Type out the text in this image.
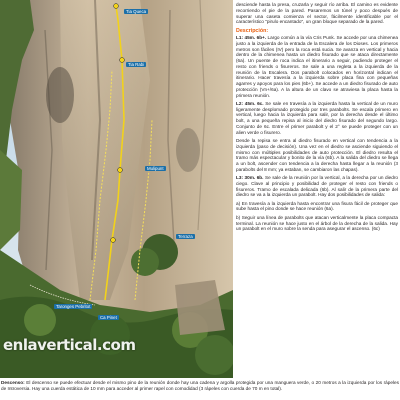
Tia Queca
Tia Rabi
Mulipunt
Terraza
Taronges Pebritot
Ca Pinet
enlavertical.com

desciende hasta la presa, cruzarla y seguir río arriba. El camino es evidente recorriendo el pie de la pared. Pasaremos un túnel y poco después de superar una caseta comienza el sector, fácilmente identificable por el característico "pirulo encantado", un gran bloque separado de la pared.

Descripción:

L1: 45m. 6b+. Largo común a la vía Cris Punk. Se accede por una chimenea justo a la izquierda de la entrada de la Escalera de los Dioses. Los primeros metros son fáciles (IV) pero la roca está sucia. Se avanza en vertical y hacia dentro de la chimenea hasta un diedro fisurado que se ataca directamente (6a). Un puente de roca indica el itinerario a seguir, pudiendo proteger el resto con friends o fisureros. Se sale a una regleta a la izquierda de la reunión de la Escalera. Dos parabolt colocados en horizontal indican el itinerario. Hacer travesía a la izquierda sobre placa fina con pequeñas agarres y apoyos para los pies (6b+). Se accede a un diedro fisurado de auto protección (Vn+/6a). A la altura de un clavo se atraviesa la placa hasta la primera reunión.

L2: 45m. 6c. Se sale en travesía a la izquierda hasta la vertical de un muro ligeramente desplomado protegido por tres parabolts. Se escala primero en vertical, luego hacia la izquierda para salir, por la derecha desde el último bolt, a una pequeña repisa al inicio del diedro fisurado del segundo largo. Conjunto de 6c. Entre el primer parabolt y el 2° se puede proteger con un alien verde o fisurero.

Desde la repisa se entra al diedro fisurado en vertical con tendencia a la izquierda (paso de decisión). Una vez en el diedro se asciende siguiendo el mismo con múltiples posibilidades de auto protección. El diedro resulta el tramo más espectacular y bonito de la vía (6b). A la salida del diedro se llega a un bolt, ascender con tendencia a la derecha hasta llegar a la reunión (3 parabolts del 8 mm; ya estaban, se cambiaron las chapas).

L3: 30m. 6b. Se sale de la reunión por la vertical, a la derecha por un diedro ciego. Clave al principio y posibilidad de proteger el resto con friends o fisureros. Tramo de escalada delicada (6b). Al salir de la primera parte del diedro se va a la izquierda un parabolt. Hay dos posibilidades de salida:

a) En travesía a la izquierda hasta encontrar una fisura fácil de proteger que sube hasta el pino donde se hace reunión (6a).

b) Seguir una línea de parabolts que atacan verticalmente la placa compacta terminal. La reunión se hace justo en el árbol de la derecha de la salida. Hay un parabolt en el muro sobre la senda para asegurar el ascenso. (6c)

Descenso: El descenso se puede efectuar desde el mismo pino de la reunión donde hay una cadena y argolla protegida por una manguera verde, o 20 metros a la izquierda por los rápeles de Introversia. Hay una cuerda estática de 10 mm para acceder al primer rapel con comodidad (3 rápeles con cuerda de 70 m en total).
